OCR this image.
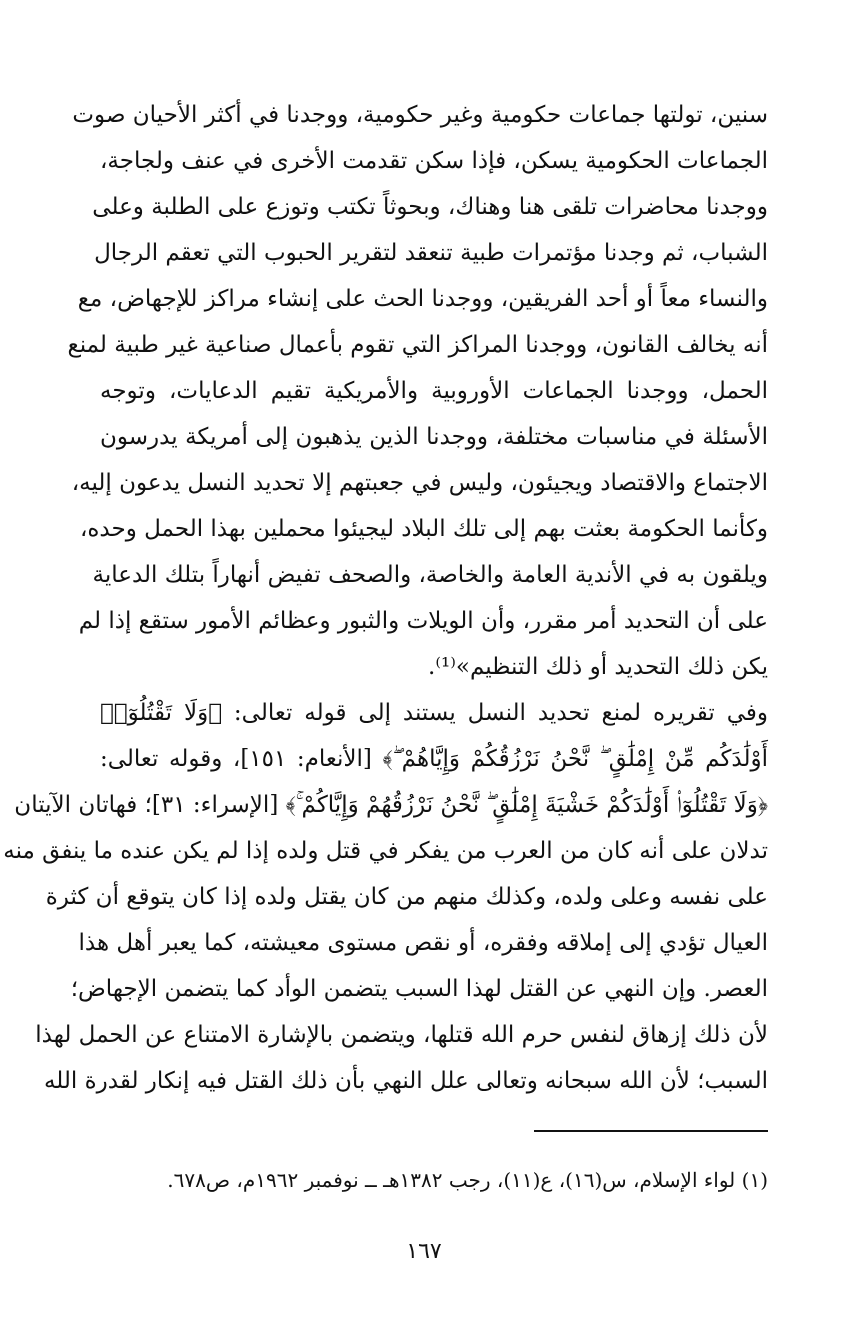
سنين، تولتها جماعات حكومية وغير حكومية، ووجدنا في أكثر الأحيان صوت
الجماعات الحكومية يسكن، فإذا سكن تقدمت الأخرى في عنف ولجاجة،
ووجدنا محاضرات تلقى هنا وهناك، وبحوثاً تكتب وتوزع على الطلبة وعلى
الشباب، ثم وجدنا مؤتمرات طبية تنعقد لتقرير الحبوب التي تعقم الرجال
والنساء معاً أو أحد الفريقين، ووجدنا الحث على إنشاء مراكز للإجهاض، مع
أنه يخالف القانون، ووجدنا المراكز التي تقوم بأعمال صناعية غير طبية لمنع
الحمل، ووجدنا الجماعات الأوروبية والأمريكية تقيم الدعايات، وتوجه
الأسئلة في مناسبات مختلفة، ووجدنا الذين يذهبون إلى أمريكة يدرسون
الاجتماع والاقتصاد ويجيئون، وليس في جعبتهم إلا تحديد النسل يدعون إليه،
وكأنما الحكومة بعثت بهم إلى تلك البلاد ليجيئوا محملين بهذا الحمل وحده،
ويلقون به في الأندية العامة والخاصة، والصحف تفيض أنهاراً بتلك الدعاية
على أن التحديد أمر مقرر، وأن الويلات والثبور وعظائم الأمور ستقع إذا لم
يكن ذلك التحديد أو ذلك التنظيم»⁽¹⁾.
وفي تقريره لمنع تحديد النسل يستند إلى قوله تعالى: ﴿وَلَا تَقْتُلُوٓا۟
أَوْلَٰدَكُم مِّنْ إِمْلَٰقٍ ۖ نَّحْنُ نَرْزُقُكُمْ وَإِيَّاهُمْ ۖ﴾ [الأنعام: ١٥١]، وقوله تعالى:
﴿وَلَا تَقْتُلُوٓا۟ أَوْلَٰدَكُمْ خَشْيَةَ إِمْلَٰقٍ ۖ نَّحْنُ نَرْزُقُهُمْ وَإِيَّاكُمْ ۚ﴾ [الإسراء: ٣١]؛ فهاتان الآيتان
تدلان على أنه كان من العرب من يفكر في قتل ولده إذا لم يكن عنده ما ينفق منه
على نفسه وعلى ولده، وكذلك منهم من كان يقتل ولده إذا كان يتوقع أن كثرة
العيال تؤدي إلى إملاقه وفقره، أو نقص مستوى معيشته، كما يعبر أهل هذا
العصر. وإن النهي عن القتل لهذا السبب يتضمن الوأد كما يتضمن الإجهاض؛
لأن ذلك إزهاق لنفس حرم الله قتلها، ويتضمن بالإشارة الامتناع عن الحمل لهذا
السبب؛ لأن الله سبحانه وتعالى علل النهي بأن ذلك القتل فيه إنكار لقدرة الله
(١) لواء الإسلام، س(١٦)، ع(١١)، رجب ١٣٨٢هـ ــ نوفمبر ١٩٦٢م، ص٦٧٨.
١٦٧
